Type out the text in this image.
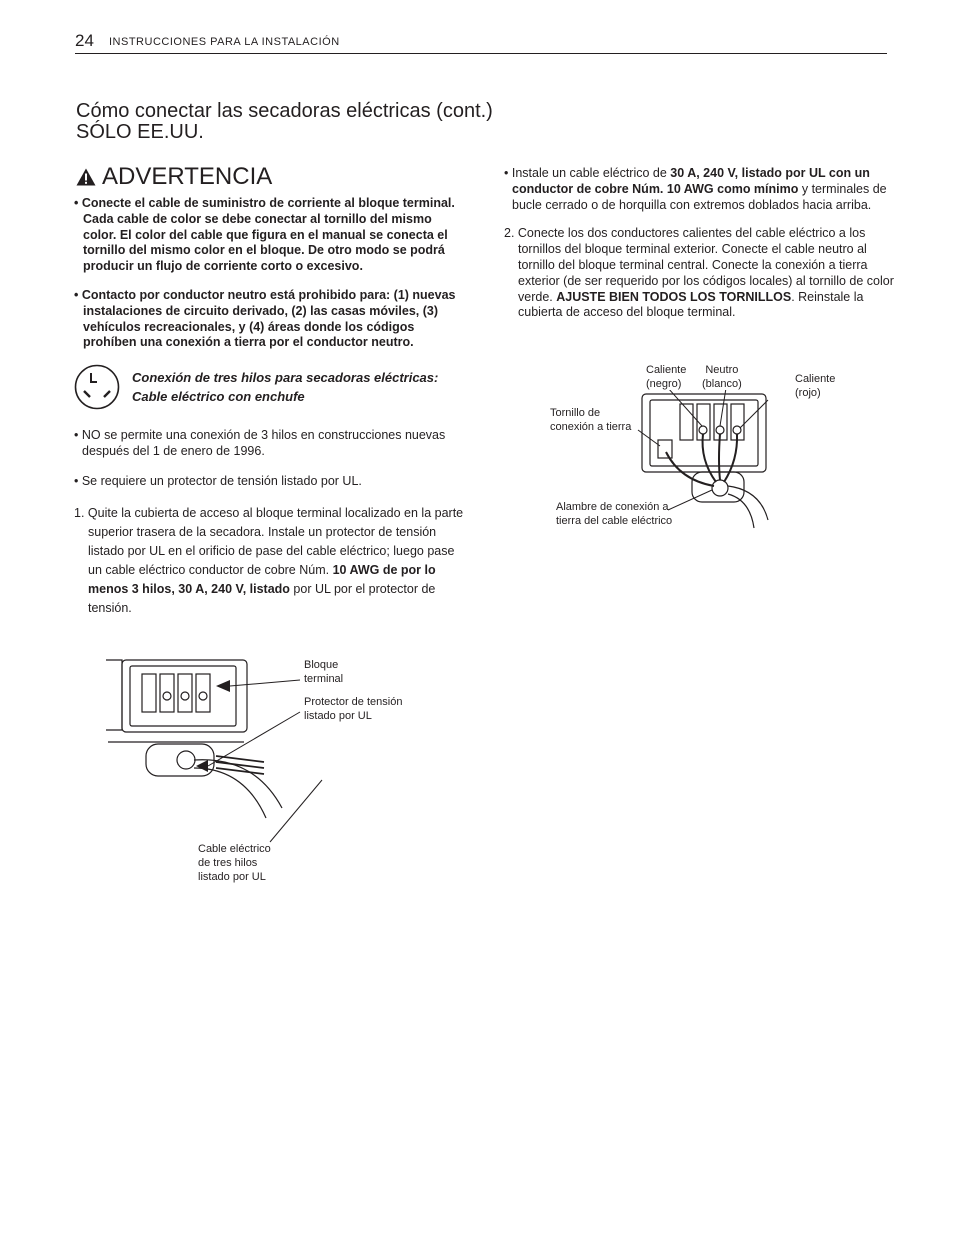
24 INSTRUCCIONES PARA LA INSTALACIÓN
Cómo conectar las secadoras eléctricas (cont.)
SÓLO EE.UU.
ADVERTENCIA

• Conecte el cable de suministro de corriente al bloque terminal. Cada cable de color se debe conectar al tornillo del mismo color. El color del cable que figura en el manual se conecta el tornillo del mismo color en el bloque. De otro modo se podrá producir un flujo de corriente corto o excesivo.

• Contacto por conductor neutro está prohibido para: (1) nuevas instalaciones de circuito derivado, (2) las casas móviles, (3) vehículos recreacionales, y (4) áreas donde los códigos prohíben una conexión a tierra por el conductor neutro.

Conexión de tres hilos para secadoras eléctricas:
Cable eléctrico con enchufe

• NO se permite una conexión de 3 hilos en construcciones nuevas después del 1 de enero de 1996.

• Se requiere un protector de tensión listado por UL.

1. Quite la cubierta de acceso al bloque terminal localizado en la parte superior trasera de la secadora. Instale un protector de tensión listado por UL en el orificio de pase del cable eléctrico; luego pase un cable eléctrico conductor de cobre Núm. 10 AWG de por lo menos 3 hilos, 30 A, 240 V, listado por UL por el protector de tensión.

• Instale un cable eléctrico de 30 A, 240 V, listado por UL con un conductor de cobre Núm. 10 AWG como mínimo y terminales de bucle cerrado o de horquilla con extremos doblados hacia arriba.

2. Conecte los dos conductores calientes del cable eléctrico a los tornillos del bloque terminal exterior. Conecte el cable neutro al tornillo del bloque terminal central. Conecte la conexión a tierra exterior (de ser requerido por los códigos locales) al tornillo de color verde. AJUSTE BIEN TODOS LOS TORNILLOS. Reinstale la cubierta de acceso del bloque terminal.

Bloque
terminal
Protector de tensión
listado por UL
Cable eléctrico
de tres hilos
listado por UL
Caliente
(negro)
Neutro
(blanco)	Caliente
(rojo)
Tornillo de
conexión a tierra
Alambre de conexión a
tierra del cable eléctrico
